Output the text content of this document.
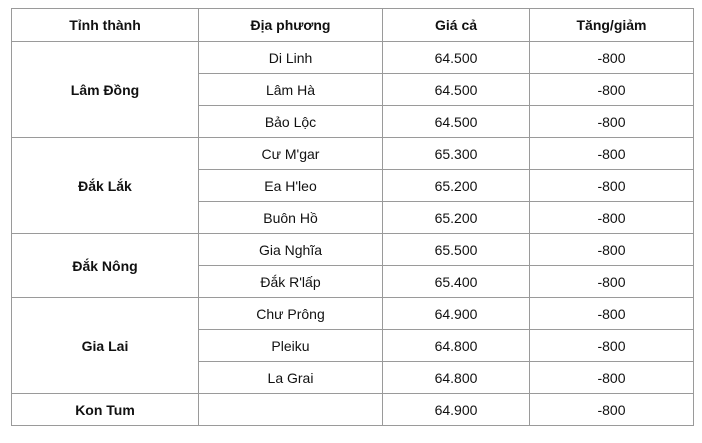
Tỉnh thành	Địa phương	Giá cả	Tăng/giảm
Lâm Đồng	Di Linh	64.500	-800
	Lâm Hà	64.500	-800
	Bảo Lộc	64.500	-800
Đắk Lắk	Cư M'gar	65.300	-800
	Ea H'leo	65.200	-800
	Buôn Hồ	65.200	-800
Đắk Nông	Gia Nghĩa	65.500	-800
	Đắk R'lấp	65.400	-800
Gia Lai	Chư Prông	64.900	-800
	Pleiku	64.800	-800
	La Grai	64.800	-800
Kon Tum		64.900	-800
